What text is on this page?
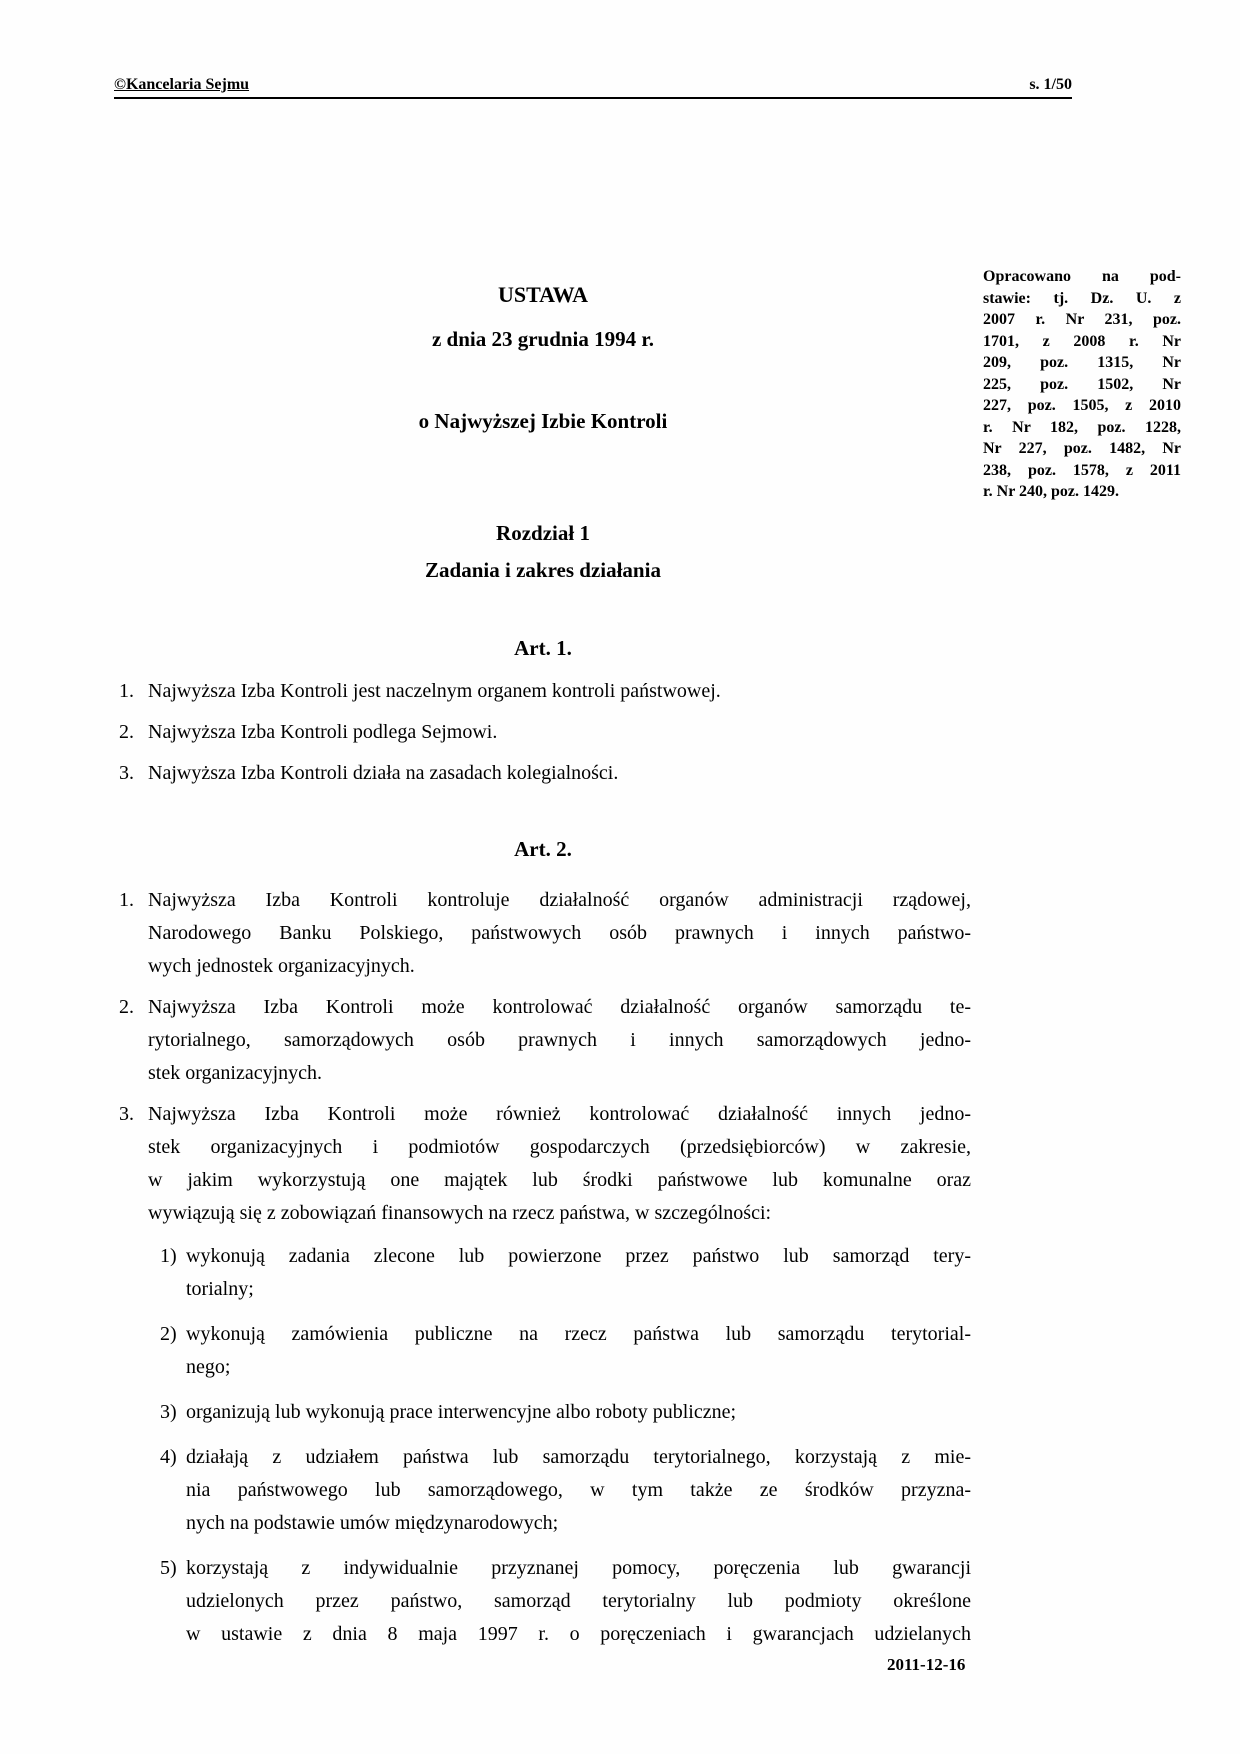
©Kancelaria Sejmu	s. 1/50
Opracowano na pod-
stawie: tj. Dz. U. z
2007 r. Nr 231, poz.
1701, z 2008 r. Nr
209, poz. 1315, Nr
225, poz. 1502, Nr
227, poz. 1505, z 2010
r. Nr 182, poz. 1228,
Nr 227, poz. 1482, Nr
238, poz. 1578, z 2011
r. Nr 240, poz. 1429.
USTAWA
z dnia 23 grudnia 1994 r.
o Najwyższej Izbie Kontroli
Rozdział 1
Zadania i zakres działania
Art. 1.
1. Najwyższa Izba Kontroli jest naczelnym organem kontroli państwowej.
2. Najwyższa Izba Kontroli podlega Sejmowi.
3. Najwyższa Izba Kontroli działa na zasadach kolegialności.
Art. 2.
1. Najwyższa Izba Kontroli kontroluje działalność organów administracji rządowej,
Narodowego Banku Polskiego, państwowych osób prawnych i innych państwo-
wych jednostek organizacyjnych.
2. Najwyższa Izba Kontroli może kontrolować działalność organów samorządu te-
rytorialnego, samorządowych osób prawnych i innych samorządowych jedno-
stek organizacyjnych.
3. Najwyższa Izba Kontroli może również kontrolować działalność innych jedno-
stek organizacyjnych i podmiotów gospodarczych (przedsiębiorców) w zakresie,
w jakim wykorzystują one majątek lub środki państwowe lub komunalne oraz
wywiązują się z zobowiązań finansowych na rzecz państwa, w szczególności:
1) wykonują zadania zlecone lub powierzone przez państwo lub samorząd tery-
torialny;
2) wykonują zamówienia publiczne na rzecz państwa lub samorządu terytorial-
nego;
3) organizują lub wykonują prace interwencyjne albo roboty publiczne;
4) działają z udziałem państwa lub samorządu terytorialnego, korzystają z mie-
nia państwowego lub samorządowego, w tym także ze środków przyzna-
nych na podstawie umów międzynarodowych;
5) korzystają z indywidualnie przyznanej pomocy, poręczenia lub gwarancji
udzielonych przez państwo, samorząd terytorialny lub podmioty określone
w ustawie z dnia 8 maja 1997 r. o poręczeniach i gwarancjach udzielanych
2011-12-16
